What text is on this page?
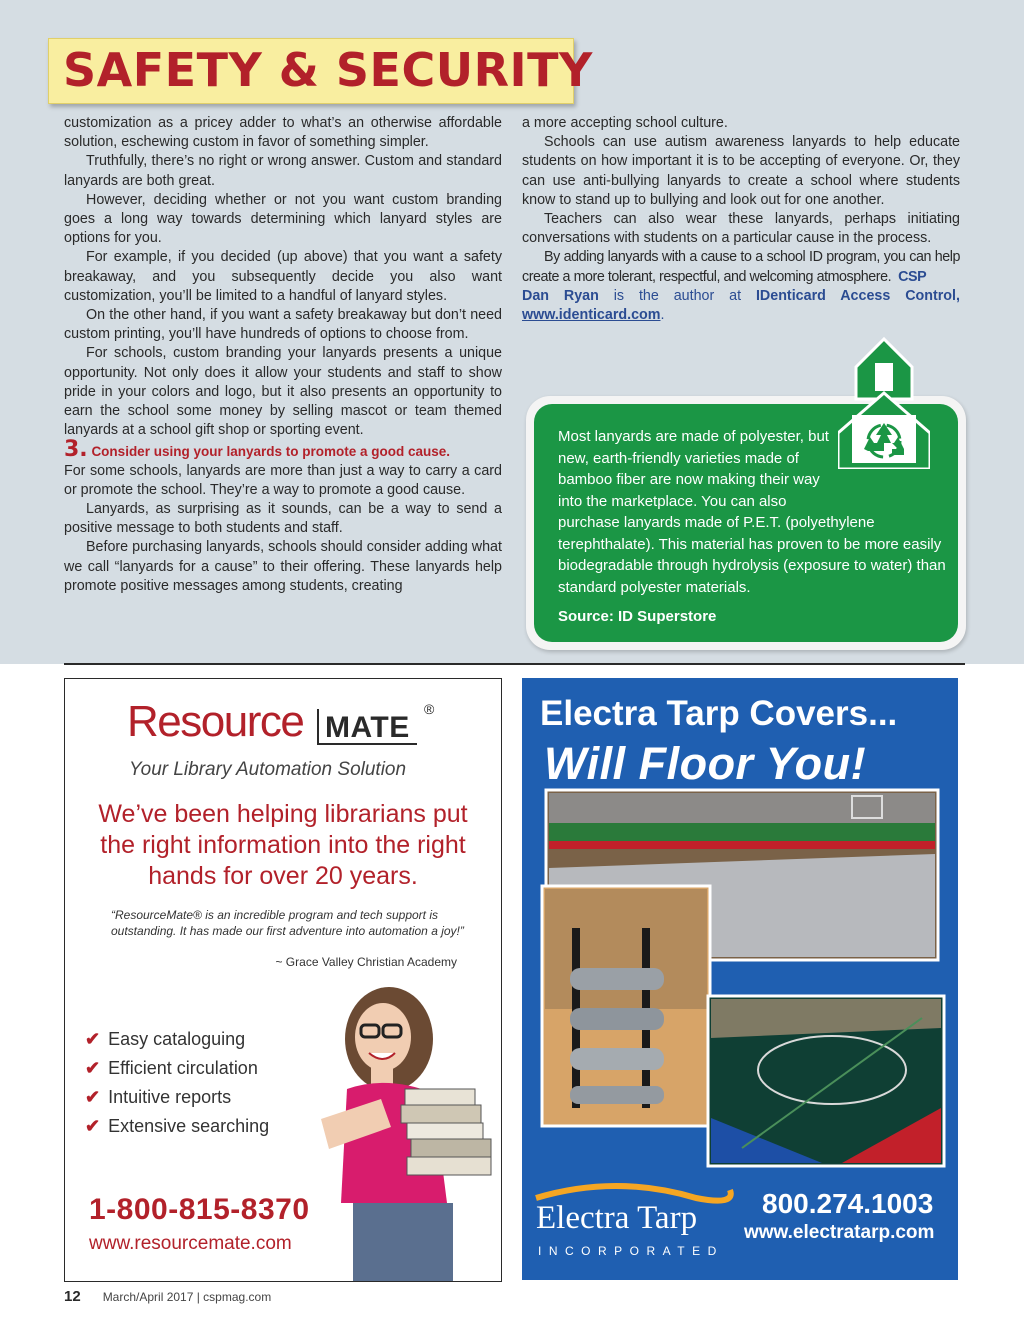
SAFETY & SECURITY

customization as a pricey adder to what’s an otherwise affordable solution, eschewing custom in favor of something simpler.

Truthfully, there’s no right or wrong answer. Custom and standard lanyards are both great.

However, deciding whether or not you want custom branding goes a long way towards determining which lanyard styles are options for you.

For example, if you decided (up above) that you want a safety breakaway, and you subsequently decide you also want customization, you’ll be limited to a handful of lanyard styles.

On the other hand, if you want a safety breakaway but don’t need custom printing, you’ll have hundreds of options to choose from.

For schools, custom branding your lanyards presents a unique opportunity. Not only does it allow your students and staff to show pride in your colors and logo, but it also presents an opportunity to earn the school some money by selling mascot or team themed lanyards at a school gift shop or sporting event.

3. Consider using your lanyards to promote a good cause.

For some schools, lanyards are more than just a way to carry a card or promote the school. They’re a way to promote a good cause.

Lanyards, as surprising as it sounds, can be a way to send a positive message to both students and staff.

Before purchasing lanyards, schools should consider adding what we call “lanyards for a cause” to their offering. These lanyards help promote positive messages among students, creating

a more accepting school culture.

Schools can use autism awareness lanyards to help educate students on how important it is to be accepting of everyone. Or, they can use anti-bullying lanyards to create a school where students know to stand up to bullying and look out for one another.

Teachers can also wear these lanyards, perhaps initiating conversations with students on a particular cause in the process.

By adding lanyards with a cause to a school ID program, you can help create a more tolerant, respectful, and welcoming atmosphere. CSP

Dan Ryan is the author at IDenticard Access Control, www.identicard.com.

Most lanyards are made of polyester, but new, earth-friendly varieties made of bamboo fiber are now making their way into the marketplace. You can also purchase lanyards made of P.E.T. (polyethylene terephthalate). This material has proven to be more easily biodegradable through hydrolysis (exposure to water) than standard polyester materials.
Source: ID Superstore
Resource MATE
®
Your Library Automation Solution
We’ve been helping librarians put the right information into the right hands for over 20 years.
“ResourceMate® is an incredible program and tech support is outstanding. It has made our first adventure into automation a joy!”
~ Grace Valley Christian Academy
✔ Easy cataloguing
✔ Efficient circulation
✔ Intuitive reports
✔ Extensive searching
1-800-815-8370
www.resourcemate.com
Electra Tarp Covers...
Will Floor You!
Electra Tarp
INCORPORATED
800.274.1003
www.electratarp.com
12 March/April 2017 | cspmag.com
